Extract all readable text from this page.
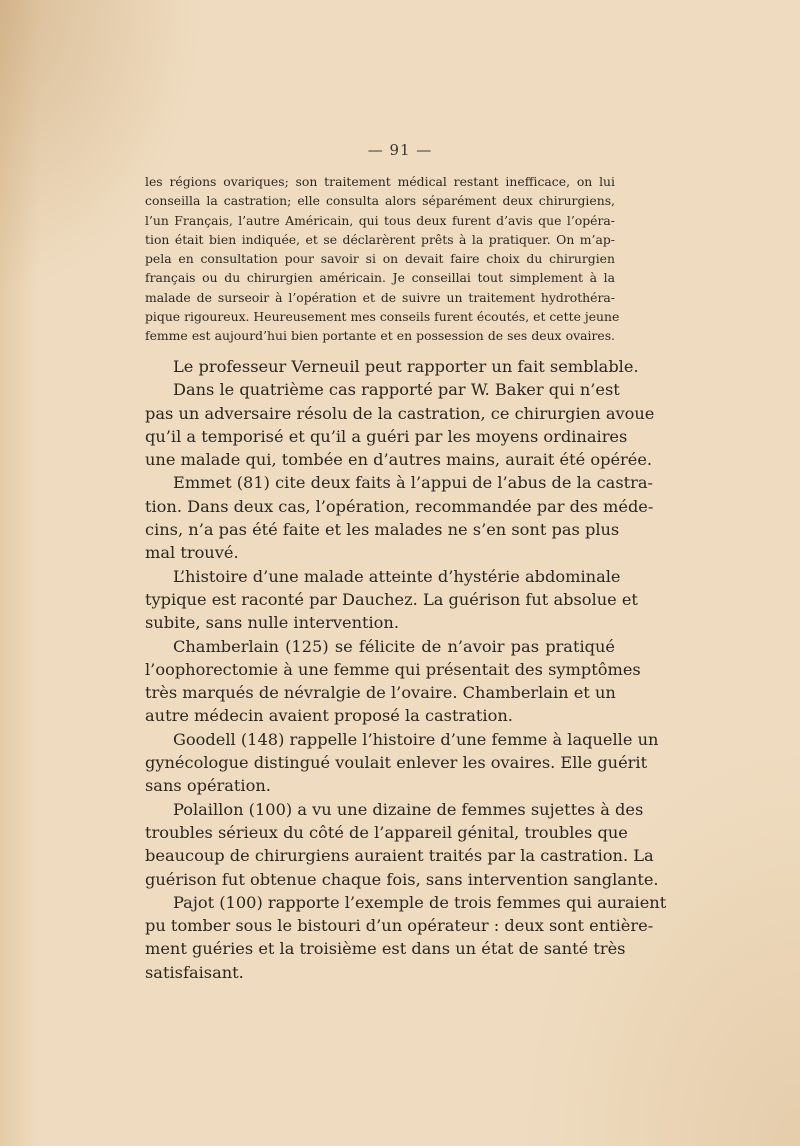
— 91 —
les régions ovariques; son traitement médical restant inefficace, on lui
conseilla la castration; elle consulta alors séparément deux chirurgiens,
l’un Français, l’autre Américain, qui tous deux furent d’avis que l’opéra-
tion était bien indiquée, et se déclarèrent prêts à la pratiquer. On m’ap-
pela en consultation pour savoir si on devait faire choix du chirurgien
français ou du chirurgien américain. Je conseillai tout simplement à la
malade de surseoir à l’opération et de suivre un traitement hydrothéra-
pique rigoureux. Heureusement mes conseils furent écoutés, et cette jeune
femme est aujourd’hui bien portante et en possession de ses deux ovaires.
Le professeur Verneuil peut rapporter un fait semblable.
Dans le quatrième cas rapporté par W. Baker qui n’est
pas un adversaire résolu de la castration, ce chirurgien avoue
qu’il a temporisé et qu’il a guéri par les moyens ordinaires
une malade qui, tombée en d’autres mains, aurait été opérée.
Emmet (81) cite deux faits à l’appui de l’abus de la castra-
tion. Dans deux cas, l’opération, recommandée par des méde-
cins, n’a pas été faite et les malades ne s’en sont pas plus
mal trouvé.
L’histoire d’une malade atteinte d’hystérie abdominale
typique est raconté par Dauchez. La guérison fut absolue et
subite, sans nulle intervention.
Chamberlain (125) se félicite de n’avoir pas pratiqué
l’oophorectomie à une femme qui présentait des symptômes
très marqués de névralgie de l’ovaire. Chamberlain et un
autre médecin avaient proposé la castration.
Goodell (148) rappelle l’histoire d’une femme à laquelle un
gynécologue distingué voulait enlever les ovaires. Elle guérit
sans opération.
Polaillon (100) a vu une dizaine de femmes sujettes à des
troubles sérieux du côté de l’appareil génital, troubles que
beaucoup de chirurgiens auraient traités par la castration. La
guérison fut obtenue chaque fois, sans intervention sanglante.
Pajot (100) rapporte l’exemple de trois femmes qui auraient
pu tomber sous le bistouri d’un opérateur : deux sont entière-
ment guéries et la troisième est dans un état de santé très
satisfaisant.
